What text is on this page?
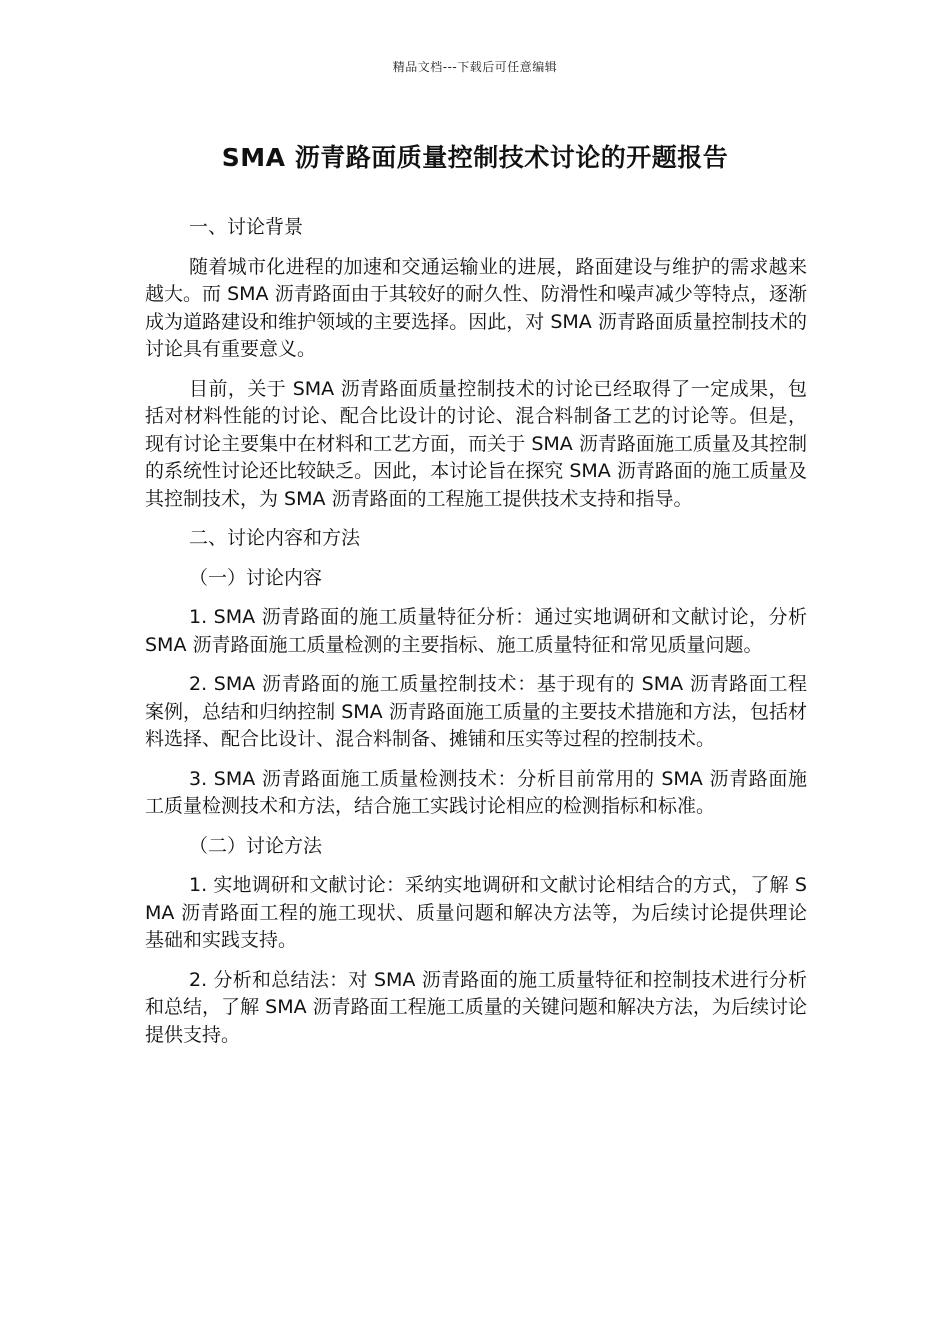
精品文档---下载后可任意编辑
SMA 沥青路面质量控制技术讨论的开题报告

一、讨论背景

随着城市化进程的加速和交通运输业的进展，路面建设与维护的需求越来越大。而 SMA 沥青路面由于其较好的耐久性、防滑性和噪声减少等特点，逐渐成为道路建设和维护领域的主要选择。因此，对 SMA 沥青路面质量控制技术的讨论具有重要意义。

目前，关于 SMA 沥青路面质量控制技术的讨论已经取得了一定成果，包括对材料性能的讨论、配合比设计的讨论、混合料制备工艺的讨论等。但是，现有讨论主要集中在材料和工艺方面，而关于 SMA 沥青路面施工质量及其控制的系统性讨论还比较缺乏。因此，本讨论旨在探究 SMA 沥青路面的施工质量及其控制技术，为 SMA 沥青路面的工程施工提供技术支持和指导。

二、讨论内容和方法

（一）讨论内容

1. SMA 沥青路面的施工质量特征分析：通过实地调研和文献讨论，分析 SMA 沥青路面施工质量检测的主要指标、施工质量特征和常见质量问题。

2. SMA 沥青路面的施工质量控制技术：基于现有的 SMA 沥青路面工程案例，总结和归纳控制 SMA 沥青路面施工质量的主要技术措施和方法，包括材料选择、配合比设计、混合料制备、摊铺和压实等过程的控制技术。

3. SMA 沥青路面施工质量检测技术：分析目前常用的 SMA 沥青路面施工质量检测技术和方法，结合施工实践讨论相应的检测指标和标准。

（二）讨论方法

1. 实地调研和文献讨论：采纳实地调研和文献讨论相结合的方式，了解 SMA 沥青路面工程的施工现状、质量问题和解决方法等，为后续讨论提供理论基础和实践支持。

2. 分析和总结法：对 SMA 沥青路面的施工质量特征和控制技术进行分析和总结，了解 SMA 沥青路面工程施工质量的关键问题和解决方法，为后续讨论提供支持。
